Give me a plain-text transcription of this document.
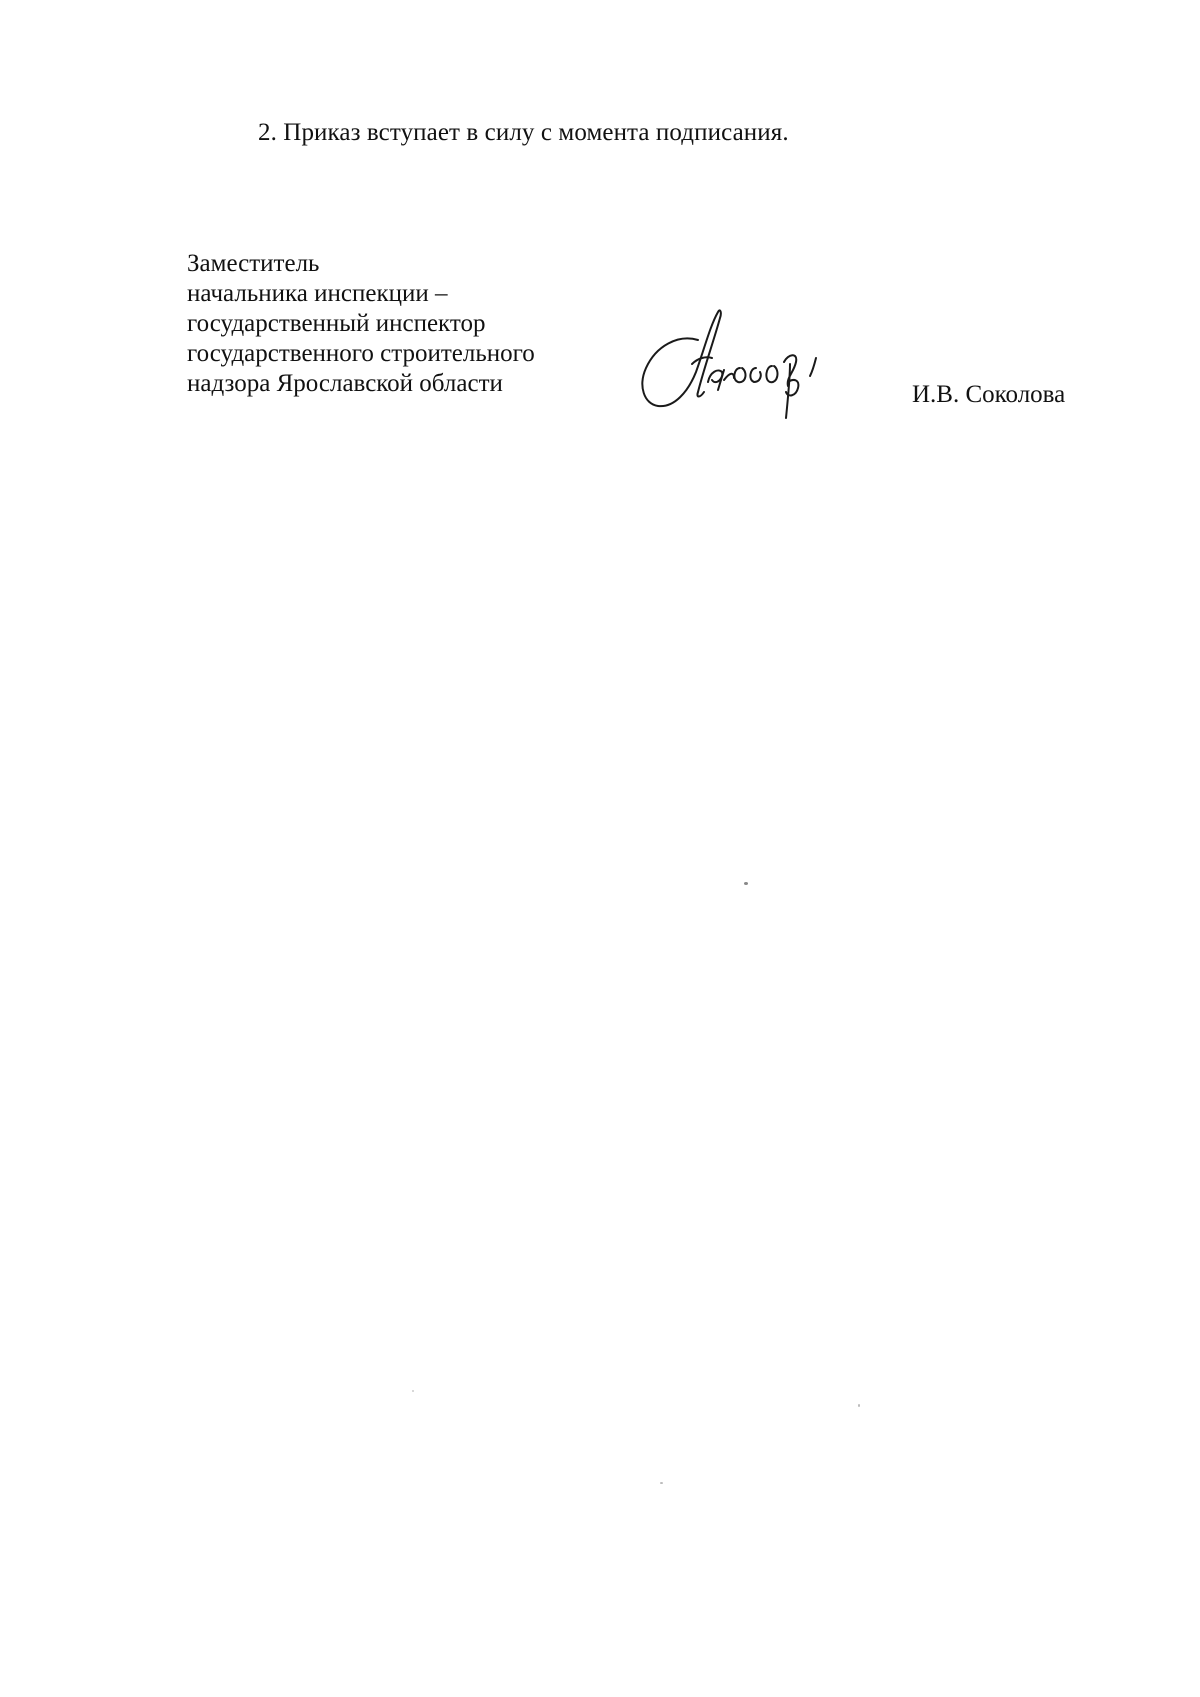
2. Приказ вступает в силу с момента подписания.
Заместитель
начальника инспекции –
государственный инспектор
государственного строительного
надзора Ярославской области	И.В. Соколова
